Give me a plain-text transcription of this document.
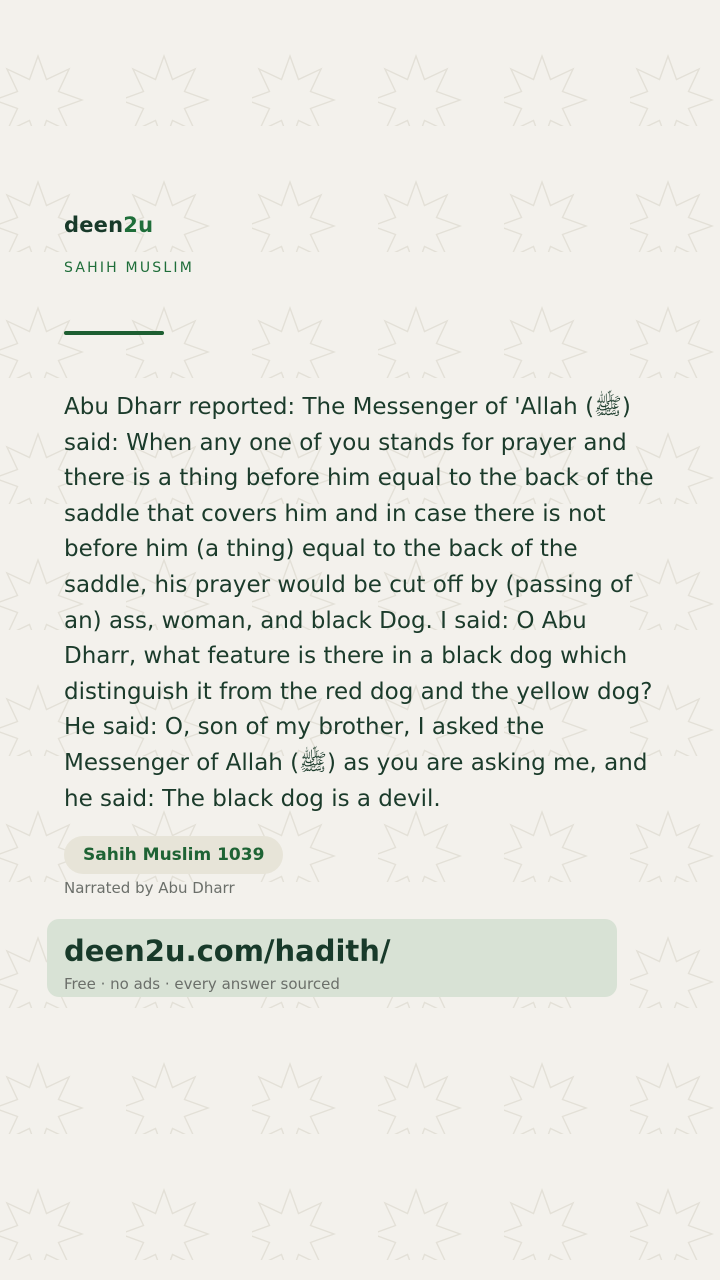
deen2u
SAHIH MUSLIM

Abu Dharr reported: The Messenger of 'Allah (ﷺ) said: When any one of you stands for prayer and there is a thing before him equal to the back of the saddle that covers him and in case there is not before him (a thing) equal to the back of the saddle, his prayer would be cut off by (passing of an) ass, woman, and black Dog. I said: O Abu Dharr, what feature is there in a black dog which distinguish it from the red dog and the yellow dog? He said: O, son of my brother, I asked the Messenger of Allah (ﷺ) as you are asking me, and he said: The black dog is a devil.

Sahih Muslim 1039
Narrated by Abu Dharr
deen2u.com/hadith/
Free · no ads · every answer sourced
